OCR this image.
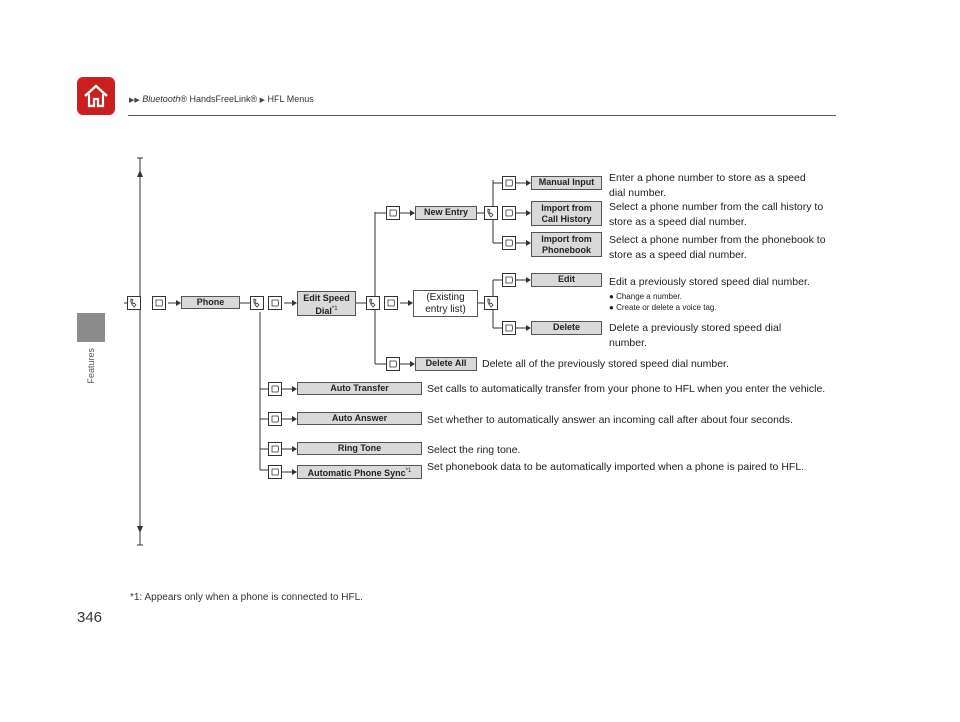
▶▶ Bluetooth® HandsFreeLink® ▶ HFL Menus
Features
Phone	Edit Speed Dial$^{*1}$
New Entry
(Existing entry list)
Delete All
Manual Input
Import from Call History
Import from Phonebook
Edit
Delete
Auto Transfer
Auto Answer
Ring Tone
Automatic Phone Sync$^{*1}$
Enter a phone number to store as a speed dial number.
Select a phone number from the call history to store as a speed dial number.
Select a phone number from the phonebook to store as a speed dial number.
Edit a previously stored speed dial number.
● Change a number.
● Create or delete a voice tag.
Delete a previously stored speed dial number.
Delete all of the previously stored speed dial number.
Set calls to automatically transfer from your phone to HFL when you enter the vehicle.
Set whether to automatically answer an incoming call after about four seconds.
Select the ring tone.
Set phonebook data to be automatically imported when a phone is paired to HFL.
*1: Appears only when a phone is connected to HFL.
346
